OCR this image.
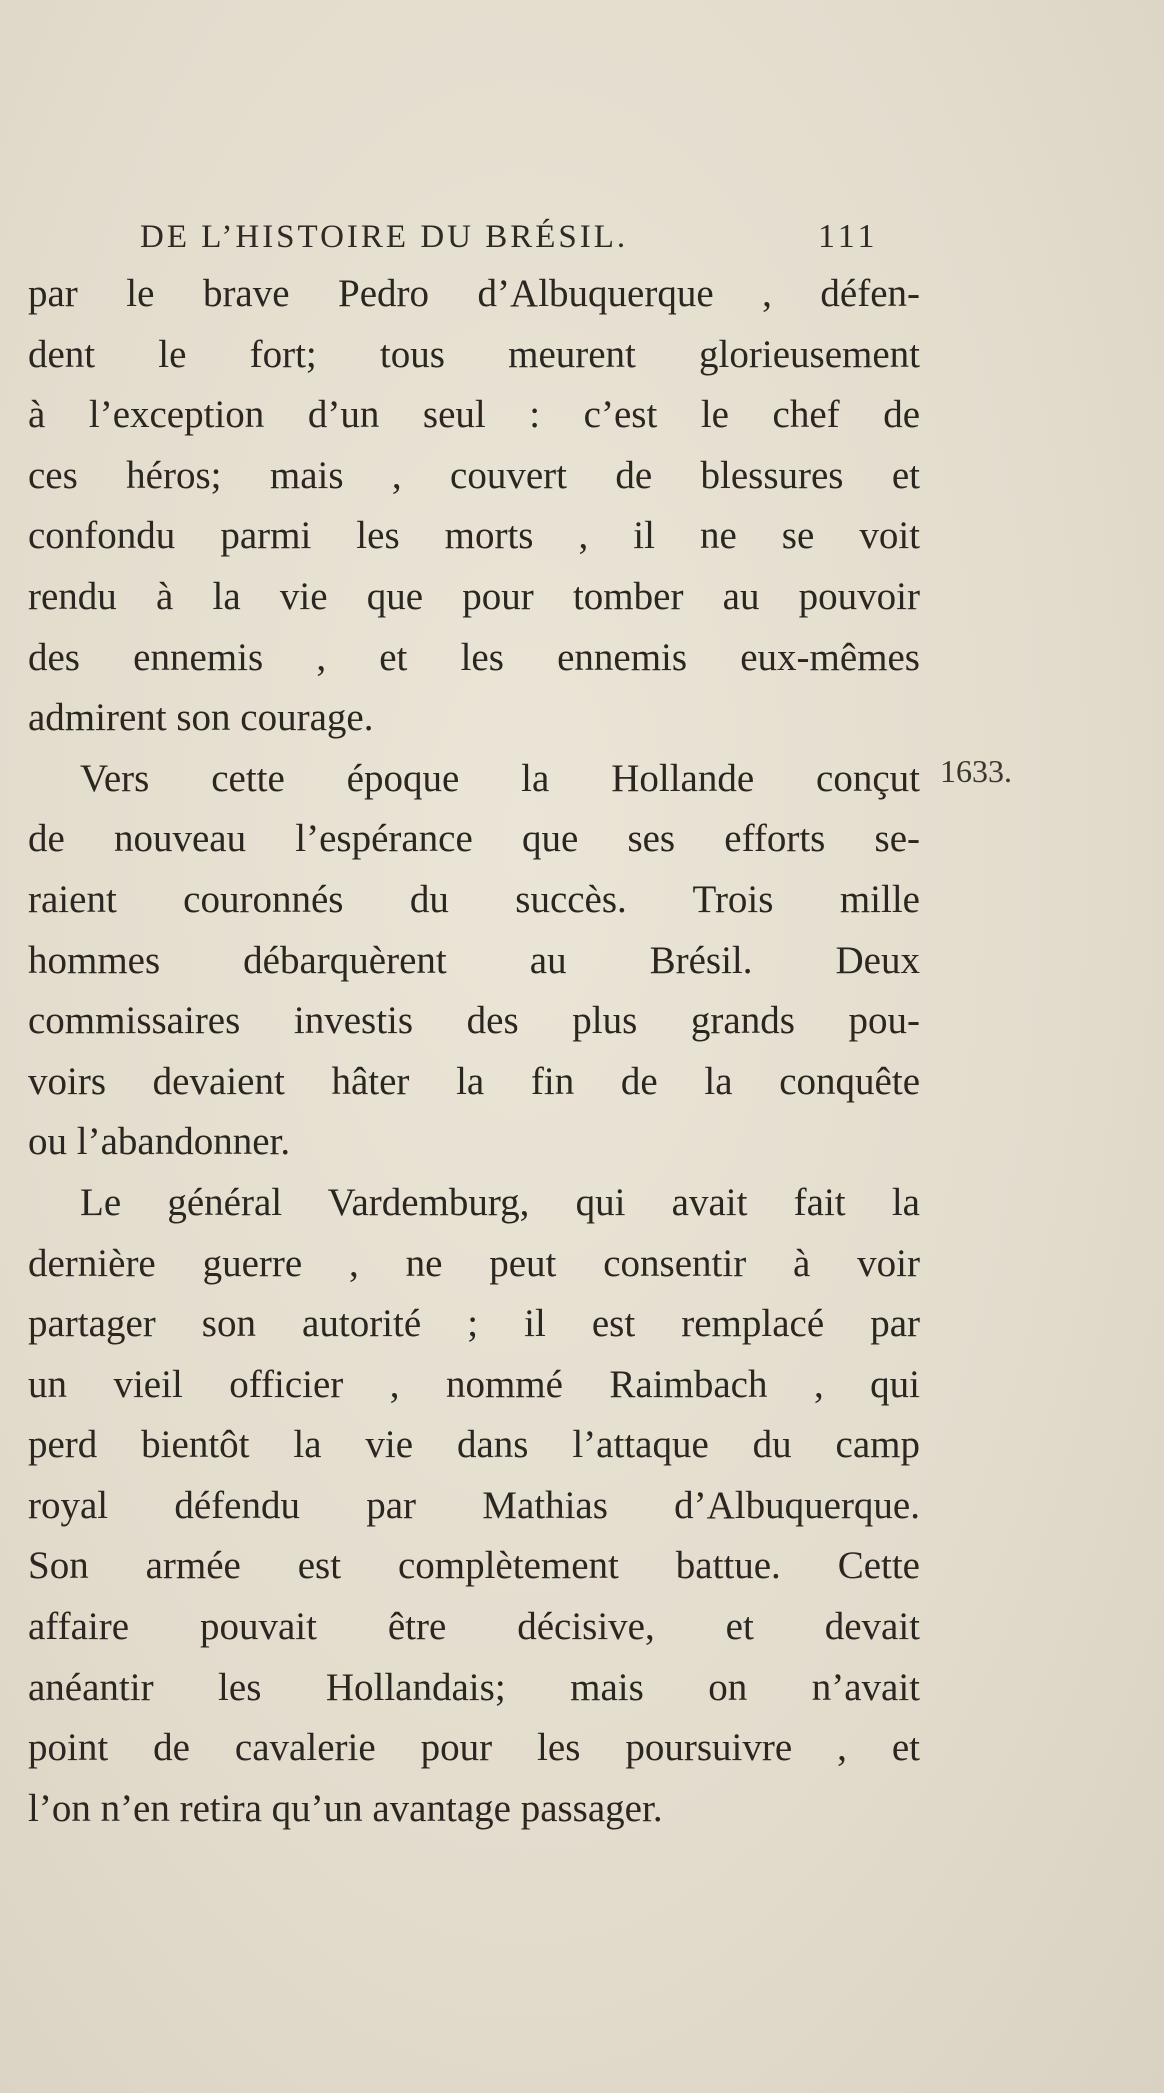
DE L’HISTOIRE DU BRÉSIL.	111
par le brave Pedro d’Albuquerque , défen-
dent le fort; tous meurent glorieusement
à l’exception d’un seul : c’est le chef de
ces héros; mais , couvert de blessures et
confondu parmi les morts , il ne se voit
rendu à la vie que pour tomber au pouvoir
des ennemis , et les ennemis eux-mêmes
admirent son courage.
Vers cette époque la Hollande conçut
de nouveau l’espérance que ses efforts se-
raient couronnés du succès. Trois mille
hommes débarquèrent au Brésil. Deux
commissaires investis des plus grands pou-
voirs devaient hâter la fin de la conquête
ou l’abandonner.
Le général Vardemburg, qui avait fait la
dernière guerre , ne peut consentir à voir
partager son autorité ; il est remplacé par
un vieil officier , nommé Raimbach , qui
perd bientôt la vie dans l’attaque du camp
royal défendu par Mathias d’Albuquerque.
Son armée est complètement battue. Cette
affaire pouvait être décisive, et devait
anéantir les Hollandais; mais on n’avait
point de cavalerie pour les poursuivre , et
l’on n’en retira qu’un avantage passager.
1633.
